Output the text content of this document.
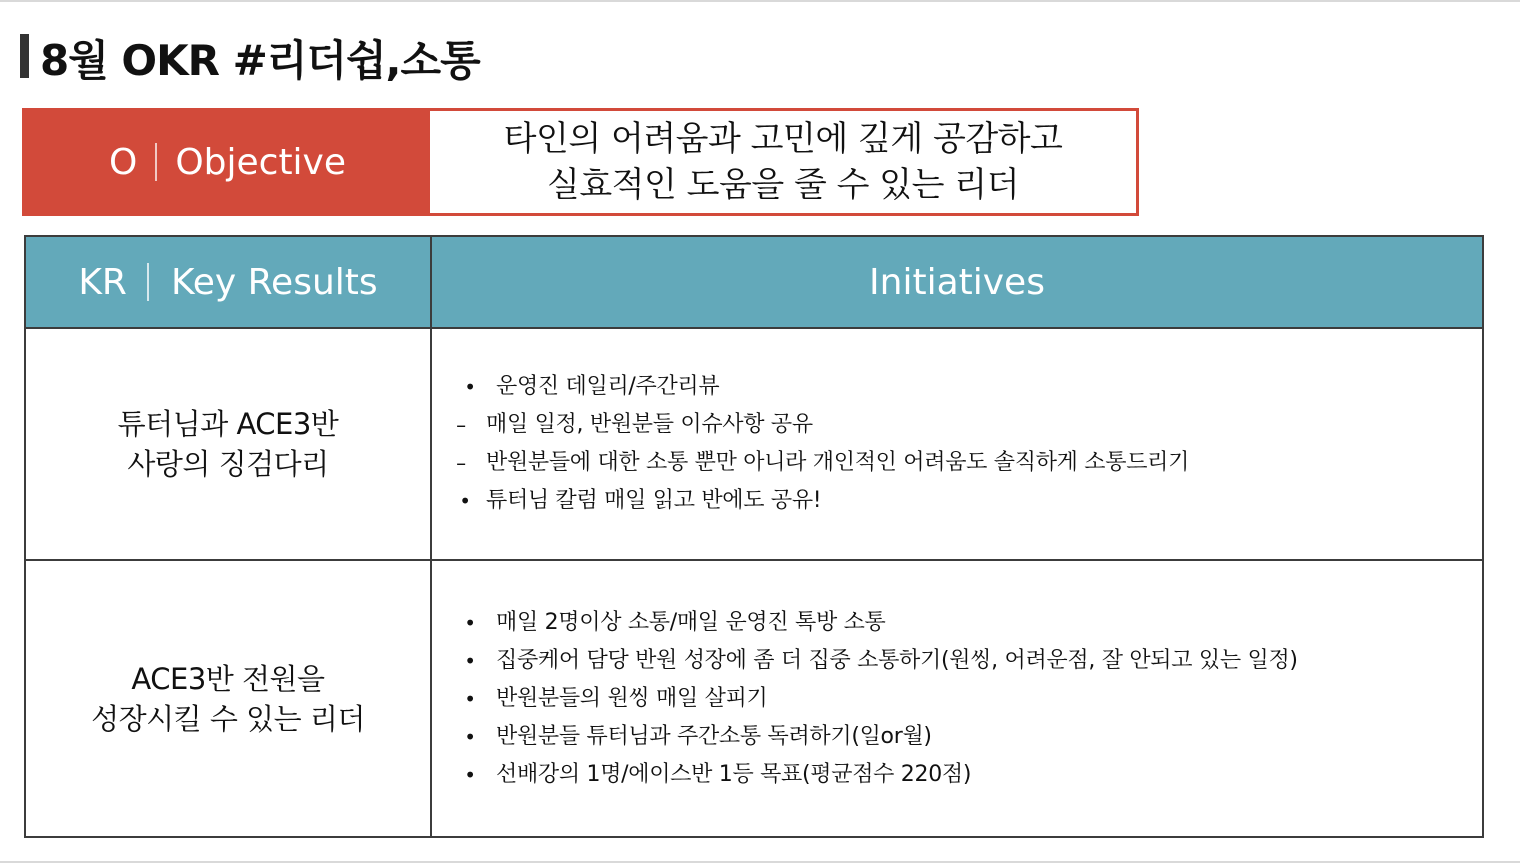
8월 OKR #리더쉽,소통
O Objective
타인의 어려움과 고민에 깊게 공감하고
실효적인 도움을 줄 수 있는 리더
KR Key Results	Initiatives
튜터님과 ACE3반
사랑의 징검다리
• 운영진 데일리/주간리뷰
– 매일 일정, 반원분들 이슈사항 공유
– 반원분들에 대한 소통 뿐만 아니라 개인적인 어려움도 솔직하게 소통드리기
• 튜터님 칼럼 매일 읽고 반에도 공유!
ACE3반 전원을
성장시킬 수 있는 리더
• 매일 2명이상 소통/매일 운영진 톡방 소통
• 집중케어 담당 반원 성장에 좀 더 집중 소통하기(원씽, 어려운점, 잘 안되고 있는 일정)
• 반원분들의 원씽 매일 살피기
• 반원분들 튜터님과 주간소통 독려하기(일or월)
• 선배강의 1명/에이스반 1등 목표(평균점수 220점)
